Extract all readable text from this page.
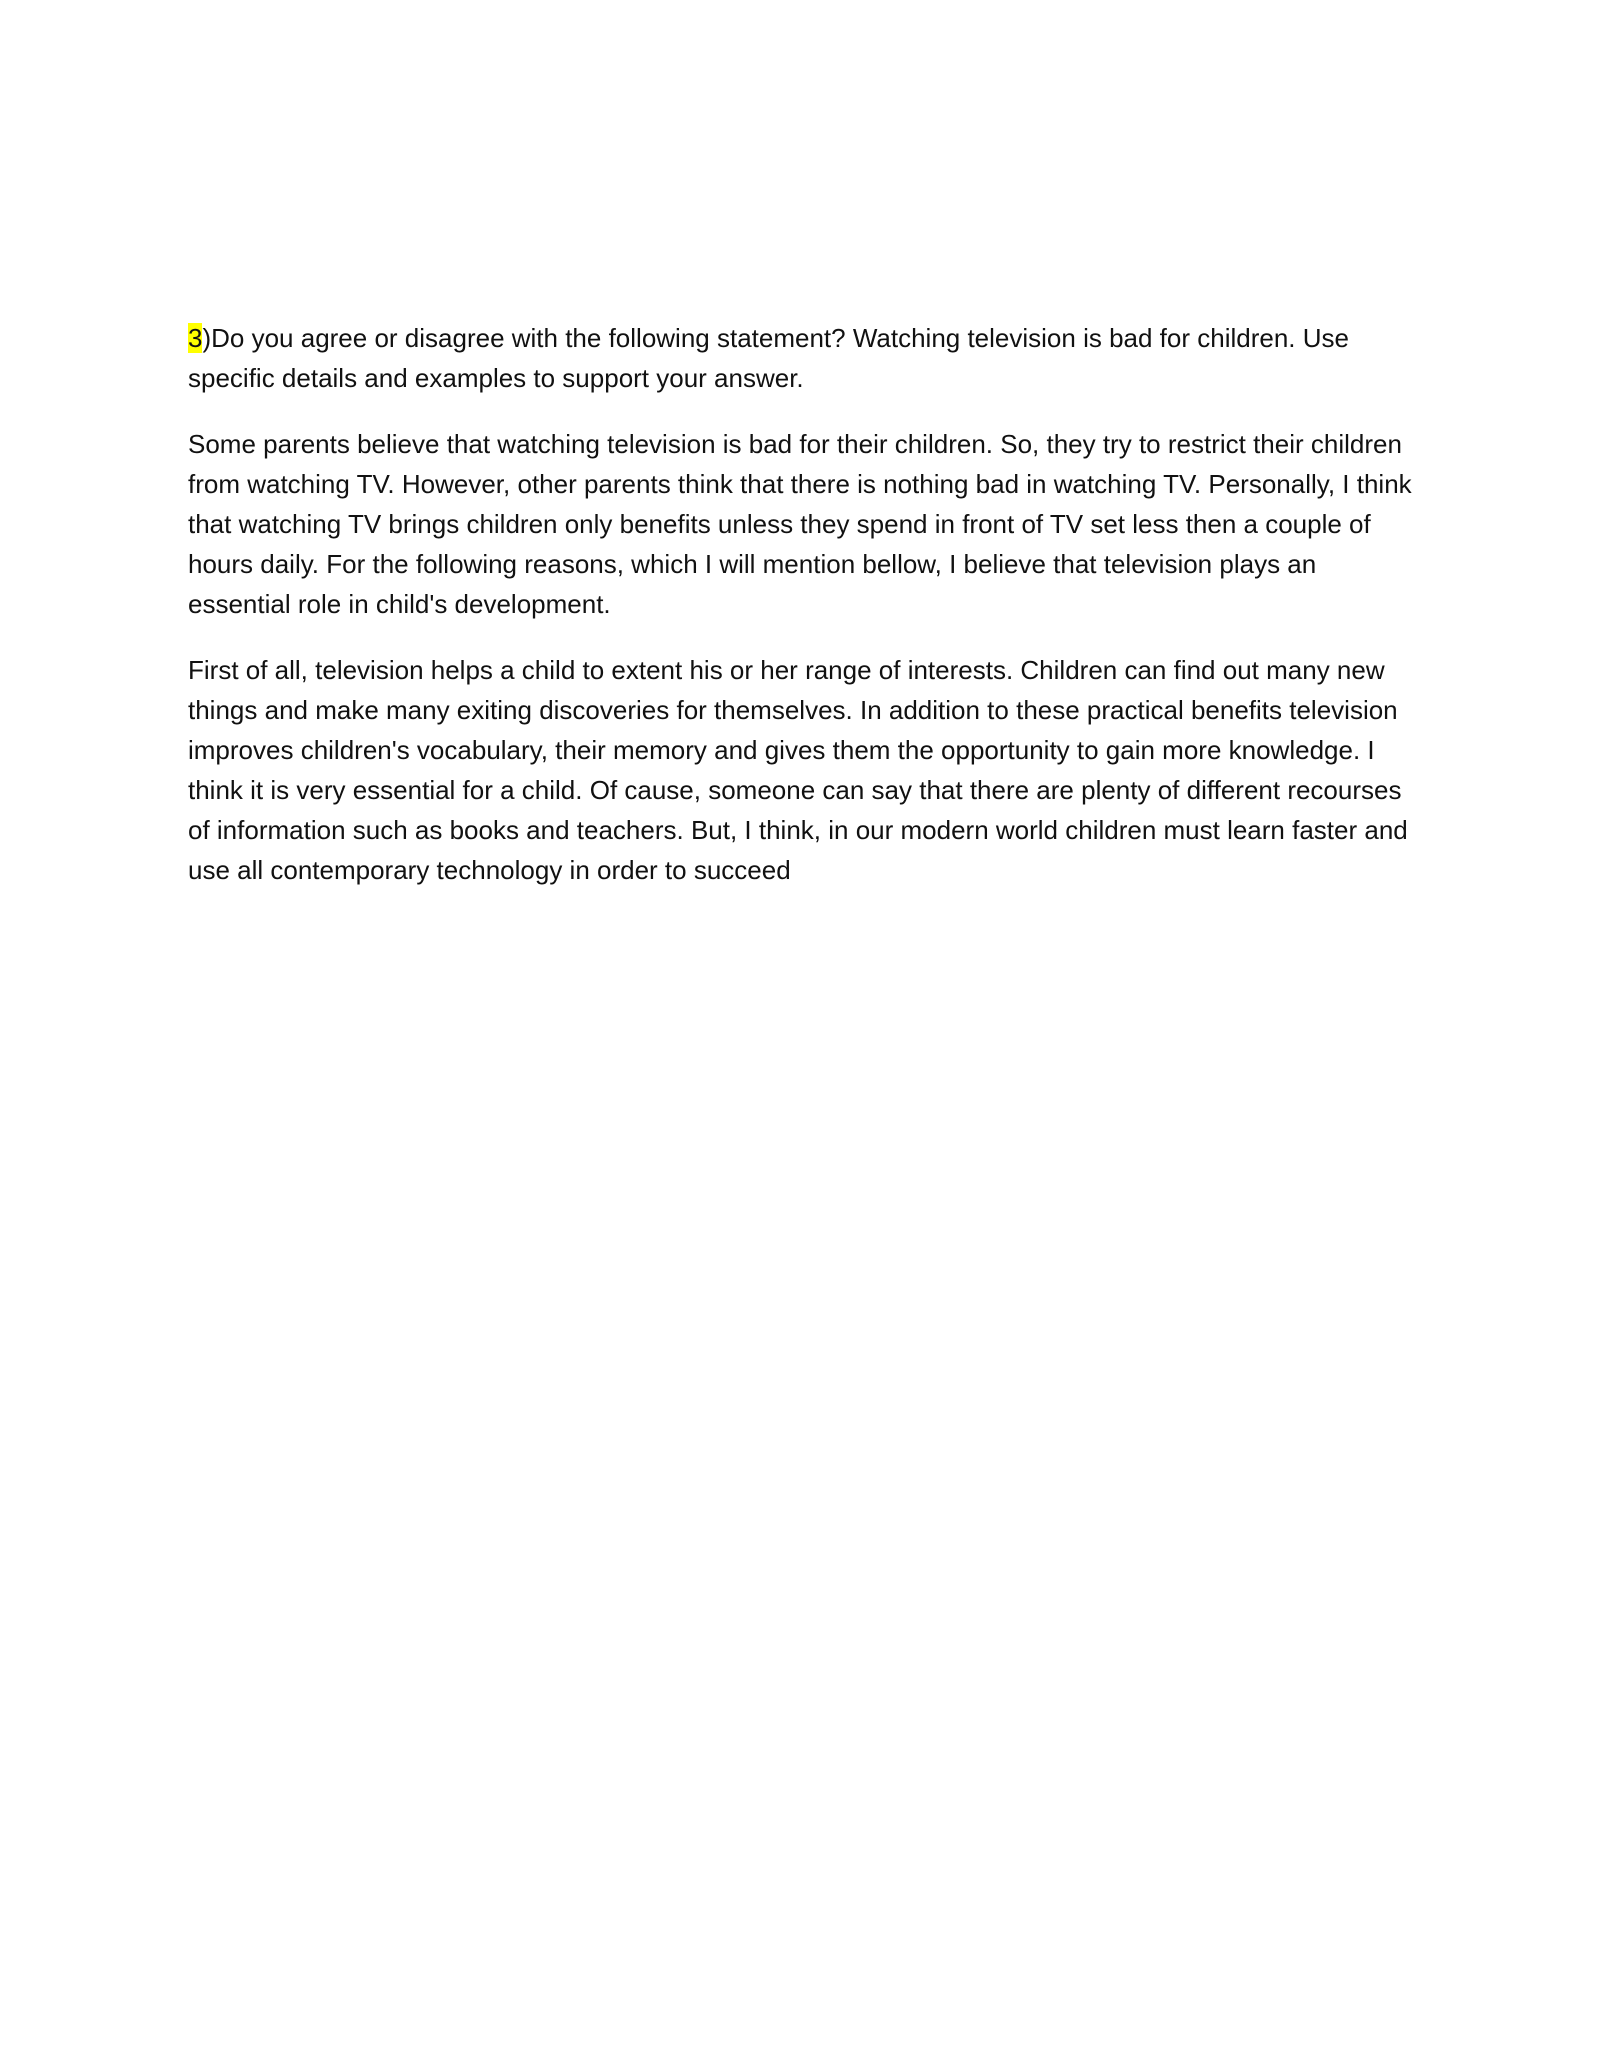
3)Do you agree or disagree with the following statement? Watching television is bad for children. Use specific details and examples to support your answer.

Some parents believe that watching television is bad for their children. So, they try to restrict their children from watching TV. However, other parents think that there is nothing bad in watching TV. Personally, I think that watching TV brings children only benefits unless they spend in front of TV set less then a couple of hours daily. For the following reasons, which I will mention bellow, I believe that television plays an essential role in child's development.

First of all, television helps a child to extent his or her range of interests. Children can find out many new things and make many exiting discoveries for themselves. In addition to these practical benefits television improves children's vocabulary, their memory and gives them the opportunity to gain more knowledge. I think it is very essential for a child. Of cause, someone can say that there are plenty of different recourses of information such as books and teachers. But, I think, in our modern world children must learn faster and use all contemporary technology in order to succeed
